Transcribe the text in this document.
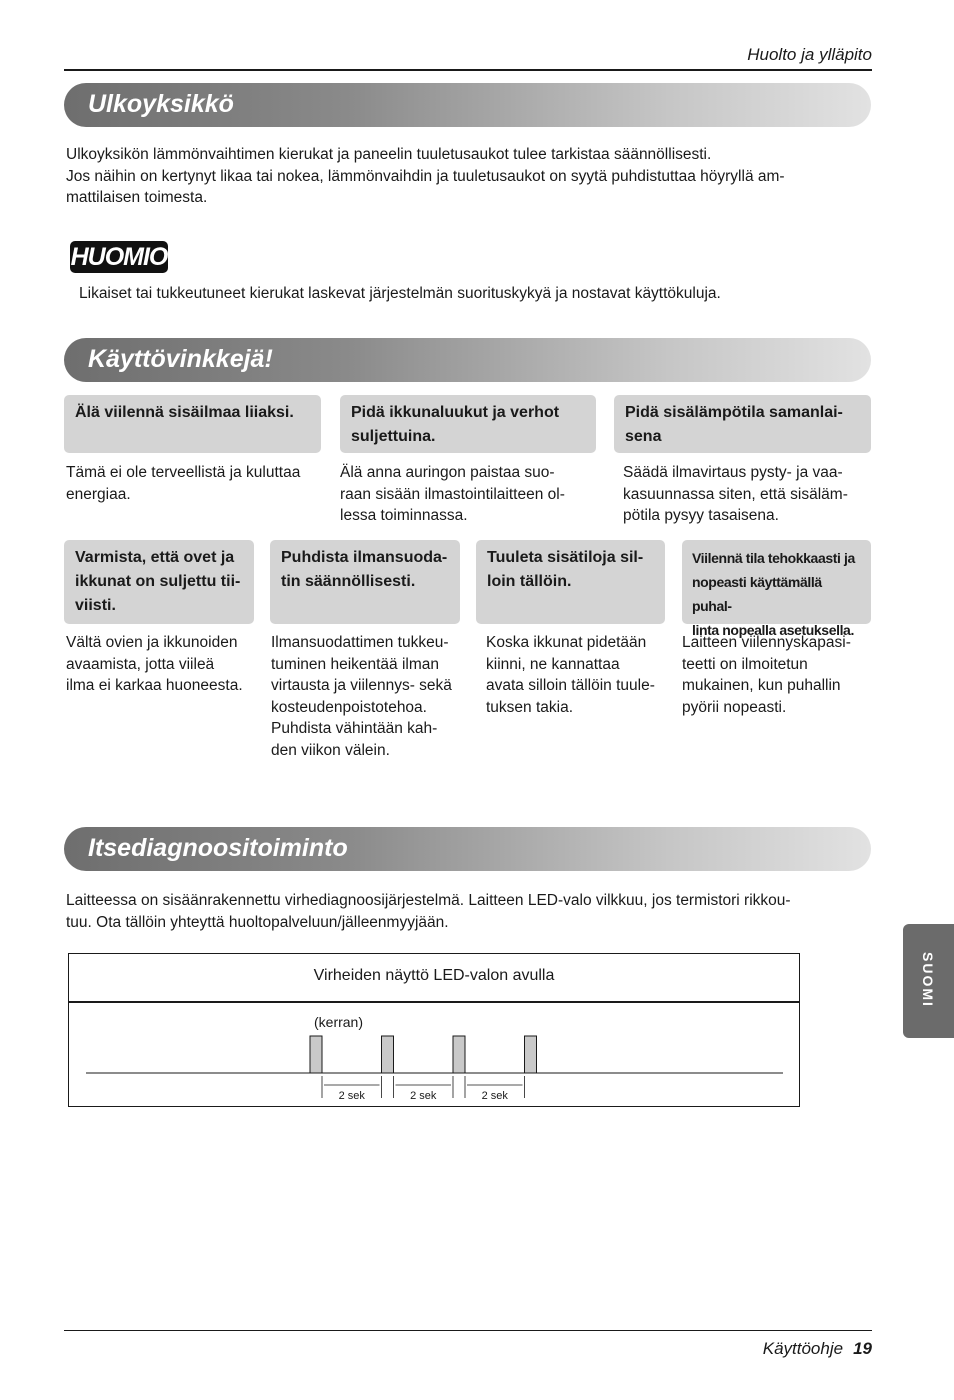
Huolto ja ylläpito
Ulkoyksikkö
Ulkoyksikön lämmönvaihtimen kierukat ja paneelin tuuletusaukot tulee tarkistaa säännöllisesti.
Jos näihin on kertynyt likaa tai nokea, lämmönvaihdin ja tuuletusaukot on syytä puhdistuttaa höyryllä am-
mattilaisen toimesta.
HUOMIO
Likaiset tai tukkeutuneet kierukat laskevat järjestelmän suorituskykyä ja nostavat käyttökuluja.
Käyttövinkkejä!
Älä viilennä sisäilmaa liiaksi.
Tämä ei ole terveellistä ja kuluttaa
energiaa.
Pidä ikkunaluukut ja verhot
suljettuina.
Älä anna auringon paistaa suo-
raan sisään ilmastointilaitteen ol-
lessa toiminnassa.
Pidä sisälämpötila samanlai-
sena
Säädä ilmavirtaus pysty- ja vaa-
kasuunnassa siten, että sisäläm-
pötila pysyy tasaisena.
Varmista, että ovet ja
ikkunat on suljettu tii-
viisti.
Vältä ovien ja ikkunoiden
avaamista, jotta viileä
ilma ei karkaa huoneesta.
Puhdista ilmansuoda-
tin säännöllisesti.
Ilmansuodattimen tukkeu-
tuminen heikentää ilman
virtausta ja viilennys- sekä
kosteudenpoistotehoa.
Puhdista vähintään kah-
den viikon välein.
Tuuleta sisätiloja sil-
loin tällöin.
Koska ikkunat pidetään
kiinni, ne kannattaa
avata silloin tällöin tuule-
tuksen takia.
Viilennä tila tehokkaasti ja
nopeasti käyttämällä puhal-
linta nopealla asetuksella.
Laitteen viilennyskapasi-
teetti on ilmoitetun
mukainen, kun puhallin
pyörii nopeasti.
Itsediagnoositoiminto
Laitteessa on sisäänrakennettu virhediagnoosijärjestelmä. Laitteen LED-valo vilkkuu, jos termistori rikkou-
tuu. Ota tällöin yhteyttä huoltopalveluun/jälleenmyyjään.
Virheiden näyttö LED-valon avulla
(kerran)
2 sek	2 sek	2 sek
SUOMI
Käyttöohje 19
